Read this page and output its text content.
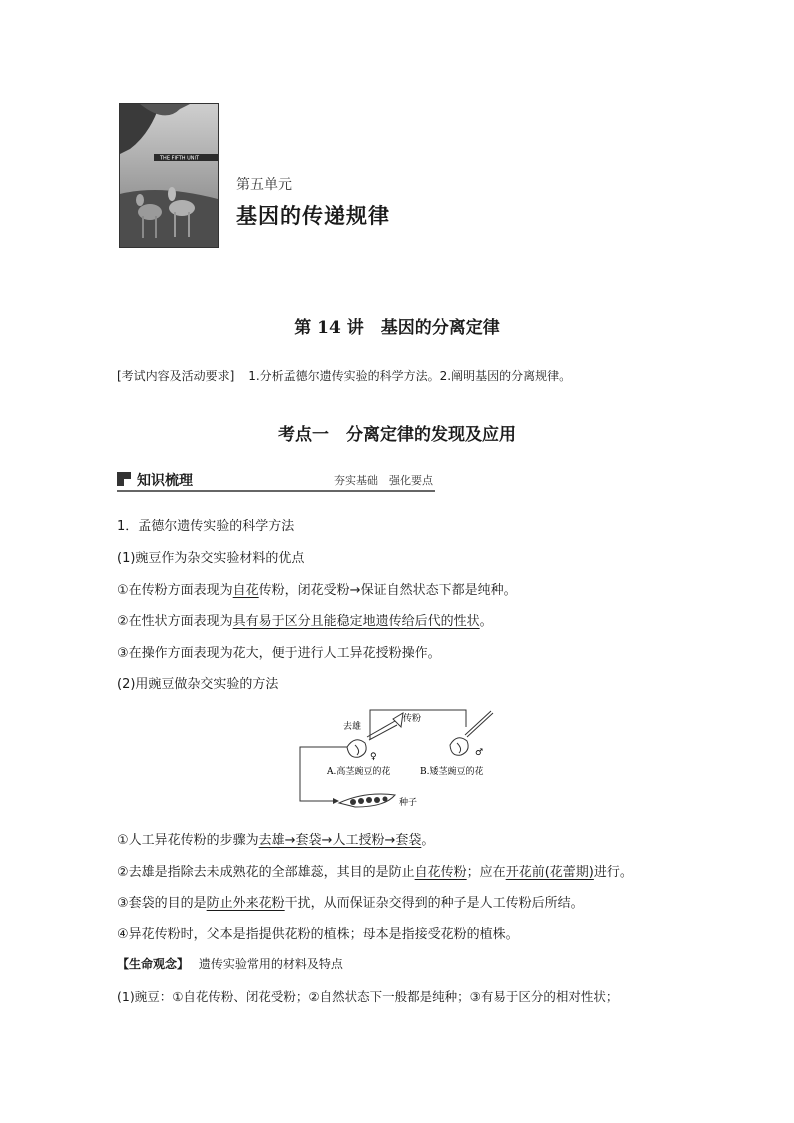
THE FIFTH UNIT
第五单元
基因的传递规律
第 14 讲　基因的分离定律
[考试内容及活动要求] 1.分析孟德尔遗传实验的科学方法。2.阐明基因的分离规律。
考点一　分离定律的发现及应用
知识梳理	夯实基础　强化要点
1．孟德尔遗传实验的科学方法
(1)豌豆作为杂交实验材料的优点
①在传粉方面表现为自花传粉，闭花受粉→保证自然状态下都是纯种。
②在性状方面表现为具有易于区分且能稳定地遗传给后代的性状。
③在操作方面表现为花大，便于进行人工异花授粉操作。
(2)用豌豆做杂交实验的方法
传粉
去雄
♀	♂
A.高茎豌豆的花	B.矮茎豌豆的花
种子
①人工异花传粉的步骤为去雄→套袋→人工授粉→套袋。
②去雄是指除去未成熟花的全部雄蕊，其目的是防止自花传粉；应在开花前(花蕾期)进行。
③套袋的目的是防止外来花粉干扰，从而保证杂交得到的种子是人工传粉后所结。
④异花传粉时，父本是指提供花粉的植株；母本是指接受花粉的植株。
【生命观念】 遗传实验常用的材料及特点
(1)豌豆：①自花传粉、闭花受粉；②自然状态下一般都是纯种；③有易于区分的相对性状；
